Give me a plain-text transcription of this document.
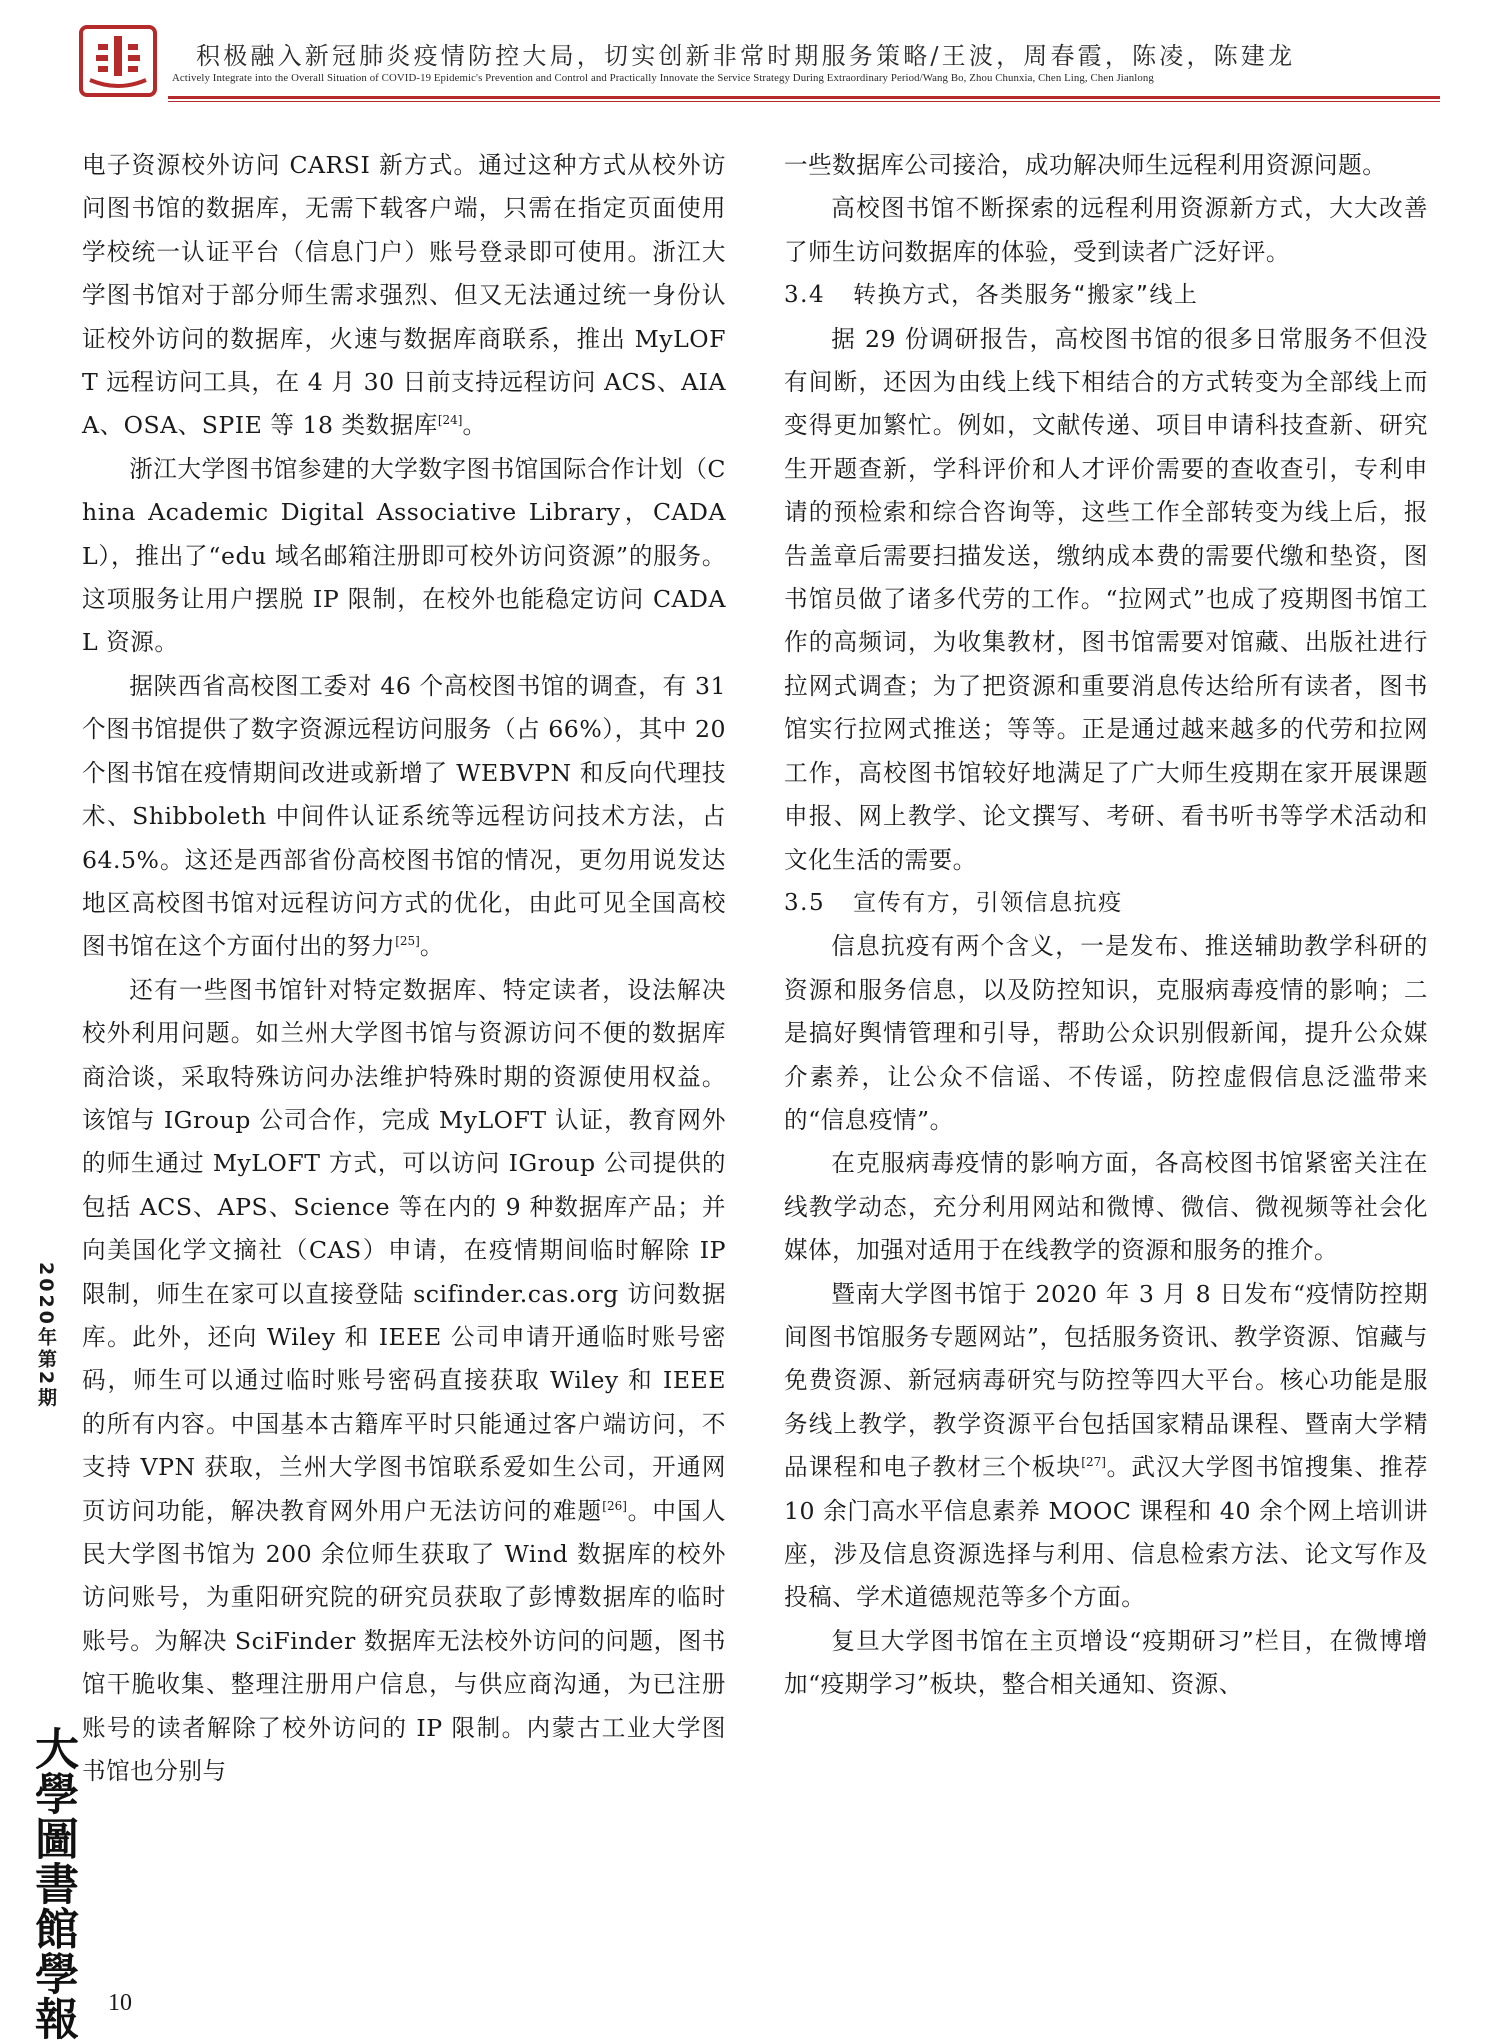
积极融入新冠肺炎疫情防控大局，切实创新非常时期服务策略/王波，周春霞，陈凌，陈建龙
Actively Integrate into the Overall Situation of COVID-19 Epidemic's Prevention and Control and Practically Innovate the Service Strategy During Extraordinary Period/Wang Bo, Zhou Chunxia, Chen Ling, Chen Jianlong

电子资源校外访问 CARSI 新方式。通过这种方式从校外访问图书馆的数据库，无需下载客户端，只需在指定页面使用学校统一认证平台（信息门户）账号登录即可使用。浙江大学图书馆对于部分师生需求强烈、但又无法通过统一身份认证校外访问的数据库，火速与数据库商联系，推出 MyLOFT 远程访问工具，在 4 月 30 日前支持远程访问 ACS、AIAA、OSA、SPIE 等 18 类数据库[24]。

浙江大学图书馆参建的大学数字图书馆国际合作计划（China Academic Digital Associative Library，CADAL），推出了“edu 域名邮箱注册即可校外访问资源”的服务。这项服务让用户摆脱 IP 限制，在校外也能稳定访问 CADAL 资源。

据陕西省高校图工委对 46 个高校图书馆的调查，有 31 个图书馆提供了数字资源远程访问服务（占 66%），其中 20 个图书馆在疫情期间改进或新增了 WEBVPN 和反向代理技术、Shibboleth 中间件认证系统等远程访问技术方法，占 64.5%。这还是西部省份高校图书馆的情况，更勿用说发达地区高校图书馆对远程访问方式的优化，由此可见全国高校图书馆在这个方面付出的努力[25]。

还有一些图书馆针对特定数据库、特定读者，设法解决校外利用问题。如兰州大学图书馆与资源访问不便的数据库商洽谈，采取特殊访问办法维护特殊时期的资源使用权益。该馆与 IGroup 公司合作，完成 MyLOFT 认证，教育网外的师生通过 MyLOFT 方式，可以访问 IGroup 公司提供的包括 ACS、APS、Science 等在内的 9 种数据库产品；并向美国化学文摘社（CAS）申请，在疫情期间临时解除 IP 限制，师生在家可以直接登陆 scifinder.cas.org 访问数据库。此外，还向 Wiley 和 IEEE 公司申请开通临时账号密码，师生可以通过临时账号密码直接获取 Wiley 和 IEEE 的所有内容。中国基本古籍库平时只能通过客户端访问，不支持 VPN 获取，兰州大学图书馆联系爱如生公司，开通网页访问功能，解决教育网外用户无法访问的难题[26]。中国人民大学图书馆为 200 余位师生获取了 Wind 数据库的校外访问账号，为重阳研究院的研究员获取了彭博数据库的临时账号。为解决 SciFinder 数据库无法校外访问的问题，图书馆干脆收集、整理注册用户信息，与供应商沟通，为已注册账号的读者解除了校外访问的 IP 限制。内蒙古工业大学图书馆也分别与

一些数据库公司接洽，成功解决师生远程利用资源问题。

高校图书馆不断探索的远程利用资源新方式，大大改善了师生访问数据库的体验，受到读者广泛好评。

3.4 转换方式，各类服务“搬家”线上

据 29 份调研报告，高校图书馆的很多日常服务不但没有间断，还因为由线上线下相结合的方式转变为全部线上而变得更加繁忙。例如，文献传递、项目申请科技查新、研究生开题查新，学科评价和人才评价需要的查收查引，专利申请的预检索和综合咨询等，这些工作全部转变为线上后，报告盖章后需要扫描发送，缴纳成本费的需要代缴和垫资，图书馆员做了诸多代劳的工作。“拉网式”也成了疫期图书馆工作的高频词，为收集教材，图书馆需要对馆藏、出版社进行拉网式调查；为了把资源和重要消息传达给所有读者，图书馆实行拉网式推送；等等。正是通过越来越多的代劳和拉网工作，高校图书馆较好地满足了广大师生疫期在家开展课题申报、网上教学、论文撰写、考研、看书听书等学术活动和文化生活的需要。

3.5 宣传有方，引领信息抗疫

信息抗疫有两个含义，一是发布、推送辅助教学科研的资源和服务信息，以及防控知识，克服病毒疫情的影响；二是搞好舆情管理和引导，帮助公众识别假新闻，提升公众媒介素养，让公众不信谣、不传谣，防控虚假信息泛滥带来的“信息疫情”。

在克服病毒疫情的影响方面，各高校图书馆紧密关注在线教学动态，充分利用网站和微博、微信、微视频等社会化媒体，加强对适用于在线教学的资源和服务的推介。

暨南大学图书馆于 2020 年 3 月 8 日发布“疫情防控期间图书馆服务专题网站”，包括服务资讯、教学资源、馆藏与免费资源、新冠病毒研究与防控等四大平台。核心功能是服务线上教学，教学资源平台包括国家精品课程、暨南大学精品课程和电子教材三个板块[27]。武汉大学图书馆搜集、推荐 10 余门高水平信息素养 MOOC 课程和 40 余个网上培训讲座，涉及信息资源选择与利用、信息检索方法、论文写作及投稿、学术道德规范等多个方面。

复旦大学图书馆在主页增设“疫期研习”栏目，在微博增加“疫期学习”板块，整合相关通知、资源、

2020年第2期
大學圖書館學報 10
